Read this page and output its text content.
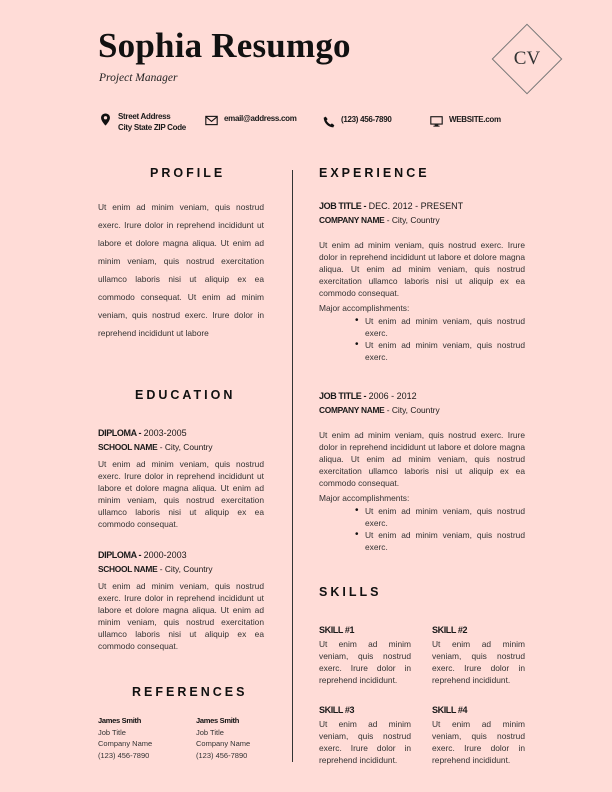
Sophia Resumgo
Project Manager
CV
Street Address
City State ZIP Code
email@address.com	(123) 456-7890	WEBSITE.com
PROFILE
Ut enim ad minim veniam, quis nostrud exerc. Irure dolor in reprehend incididunt ut labore et dolore magna aliqua. Ut enim ad minim veniam, quis nostrud exercitation ullamco laboris nisi ut aliquip ex ea commodo consequat. Ut enim ad minim veniam, quis nostrud exerc. Irure dolor in reprehend incididunt ut labore
EDUCATION
DIPLOMA - 2003-2005
SCHOOL NAME - City, Country
Ut enim ad minim veniam, quis nostrud exerc. Irure dolor in reprehend incididunt ut labore et dolore magna aliqua. Ut enim ad minim veniam, quis nostrud exercitation ullamco laboris nisi ut aliquip ex ea commodo consequat.
DIPLOMA - 2000-2003
SCHOOL NAME - City, Country
Ut enim ad minim veniam, quis nostrud exerc. Irure dolor in reprehend incididunt ut labore et dolore magna aliqua. Ut enim ad minim veniam, quis nostrud exercitation ullamco laboris nisi ut aliquip ex ea commodo consequat.
REFERENCES
James Smith
Job Title
Company Name
(123) 456-7890
James Smith
Job Title
Company Name
(123) 456-7890
EXPERIENCE
JOB TITLE - DEC. 2012 - PRESENT
COMPANY NAME - City, Country
Ut enim ad minim veniam, quis nostrud exerc. Irure dolor in reprehend incididunt ut labore et dolore magna aliqua. Ut enim ad minim veniam, quis nostrud exercitation ullamco laboris nisi ut aliquip ex ea commodo consequat.
Major accomplishments:
• Ut enim ad minim veniam, quis nostrud exerc.
• Ut enim ad minim veniam, quis nostrud exerc.
JOB TITLE - 2006 - 2012
COMPANY NAME - City, Country
Ut enim ad minim veniam, quis nostrud exerc. Irure dolor in reprehend incididunt ut labore et dolore magna aliqua. Ut enim ad minim veniam, quis nostrud exercitation ullamco laboris nisi ut aliquip ex ea commodo consequat.
Major accomplishments:
• Ut enim ad minim veniam, quis nostrud exerc.
• Ut enim ad minim veniam, quis nostrud exerc.
SKILLS
SKILL #1
Ut enim ad minim veniam, quis nostrud exerc. Irure dolor in reprehend incididunt.
SKILL #2
Ut enim ad minim veniam, quis nostrud exerc. Irure dolor in reprehend incididunt.
SKILL #3
Ut enim ad minim veniam, quis nostrud exerc. Irure dolor in reprehend incididunt.
SKILL #4
Ut enim ad minim veniam, quis nostrud exerc. Irure dolor in reprehend incididunt.
